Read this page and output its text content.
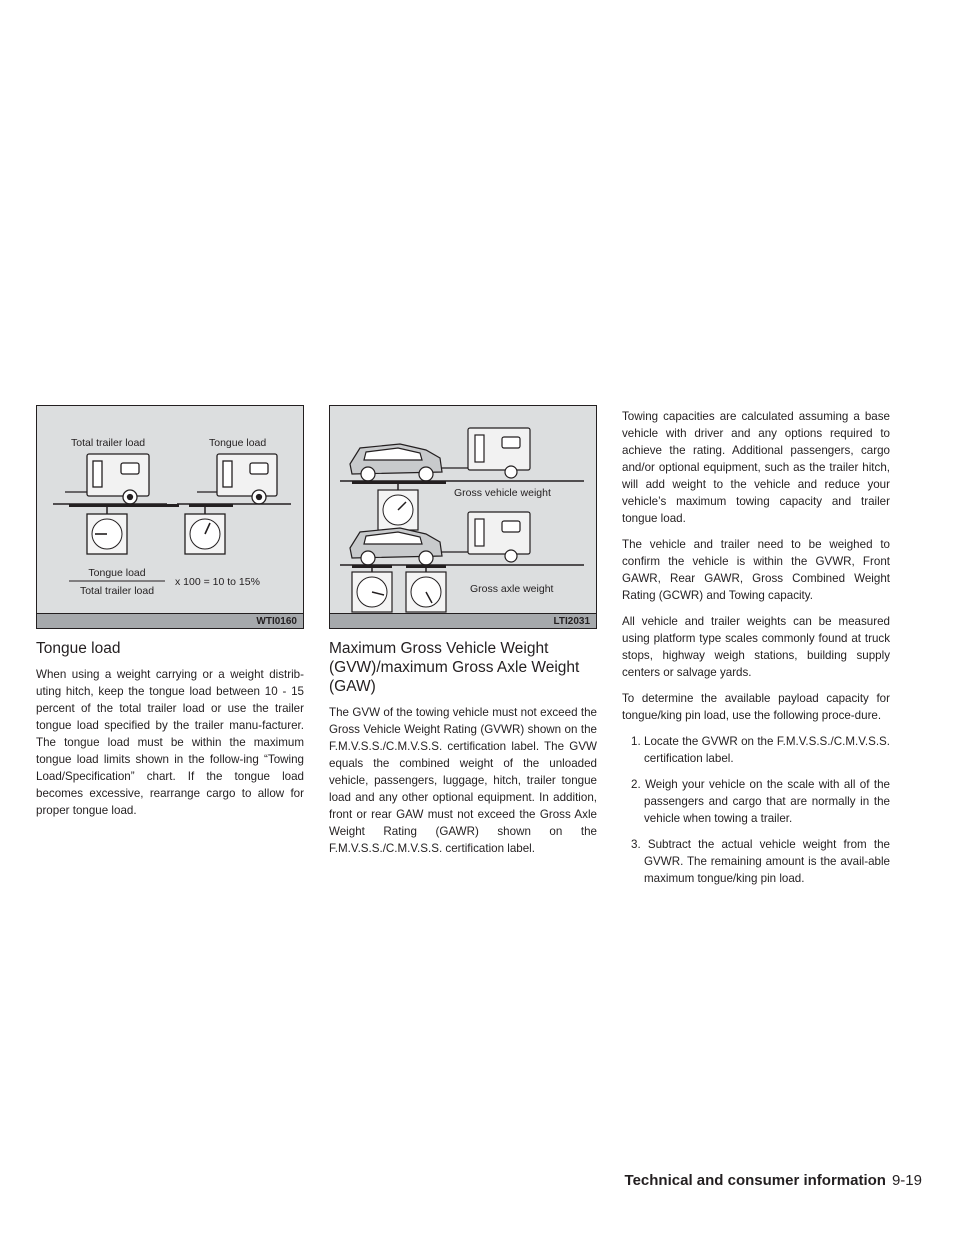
Total trailer load	Tongue load
Tongue load
Total trailer load
x 100 = 10 to 15%
WTI0160
Tongue load

When using a weight carrying or a weight distrib-uting hitch, keep the tongue load between 10 - 15 percent of the total trailer load or use the trailer tongue load specified by the trailer manu-facturer. The tongue load must be within the maximum tongue load limits shown in the follow-ing “Towing Load/Specification” chart. If the tongue load becomes excessive, rearrange cargo to allow for proper tongue load.

Gross vehicle weight
Gross axle weight
LTI2031
Maximum Gross Vehicle Weight (GVW)/maximum Gross Axle Weight (GAW)

The GVW of the towing vehicle must not exceed the Gross Vehicle Weight Rating (GVWR) shown on the F.M.V.S.S./C.M.V.S.S. certification label. The GVW equals the combined weight of the unloaded vehicle, passengers, luggage, hitch, trailer tongue load and any other optional equipment. In addition, front or rear GAW must not exceed the Gross Axle Weight Rating (GAWR) shown on the F.M.V.S.S./C.M.V.S.S. certification label.

Towing capacities are calculated assuming a base vehicle with driver and any options required to achieve the rating. Additional passengers, cargo and/or optional equipment, such as the trailer hitch, will add weight to the vehicle and reduce your vehicle’s maximum towing capacity and trailer tongue load.

The vehicle and trailer need to be weighed to confirm the vehicle is within the GVWR, Front GAWR, Rear GAWR, Gross Combined Weight Rating (GCWR) and Towing capacity.

All vehicle and trailer weights can be measured using platform type scales commonly found at truck stops, highway weigh stations, building supply centers or salvage yards.

To determine the available payload capacity for tongue/king pin load, use the following proce-dure.

1. Locate the GVWR on the F.M.V.S.S./C.M.V.S.S. certification label.
2. Weigh your vehicle on the scale with all of the passengers and cargo that are normally in the vehicle when towing a trailer.
3. Subtract the actual vehicle weight from the GVWR. The remaining amount is the avail-able maximum tongue/king pin load.
Technical and consumer information 9-19
